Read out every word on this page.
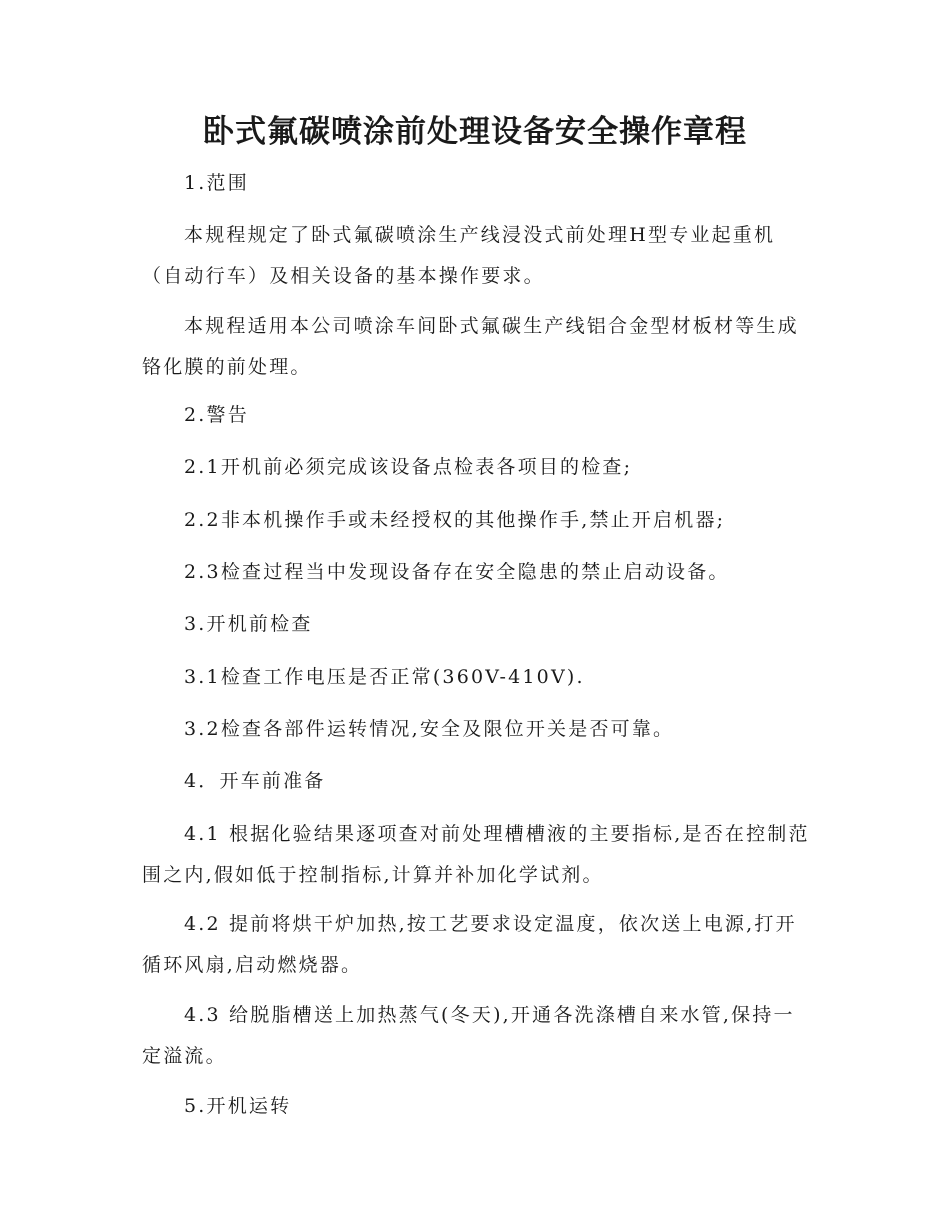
卧式氟碳喷涂前处理设备安全操作章程

1.范围

本规程规定了卧式氟碳喷涂生产线浸没式前处理H型专业起重机（自动行车）及相关设备的基本操作要求。

本规程适用本公司喷涂车间卧式氟碳生产线铝合金型材板材等生成铬化膜的前处理。

2.警告

2.1开机前必须完成该设备点检表各项目的检查;

2.2非本机操作手或未经授权的其他操作手,禁止开启机器;

2.3检查过程当中发现设备存在安全隐患的禁止启动设备。

3.开机前检查

3.1检查工作电压是否正常(360V-410V).

3.2检查各部件运转情况,安全及限位开关是否可靠。

4．开车前准备

4.1 根据化验结果逐项查对前处理槽槽液的主要指标,是否在控制范围之内,假如低于控制指标,计算并补加化学试剂。

4.2 提前将烘干炉加热,按工艺要求设定温度，依次送上电源,打开循环风扇,启动燃烧器。

4.3 给脱脂槽送上加热蒸气(冬天),开通各洗涤槽自来水管,保持一定溢流。

5.开机运转
